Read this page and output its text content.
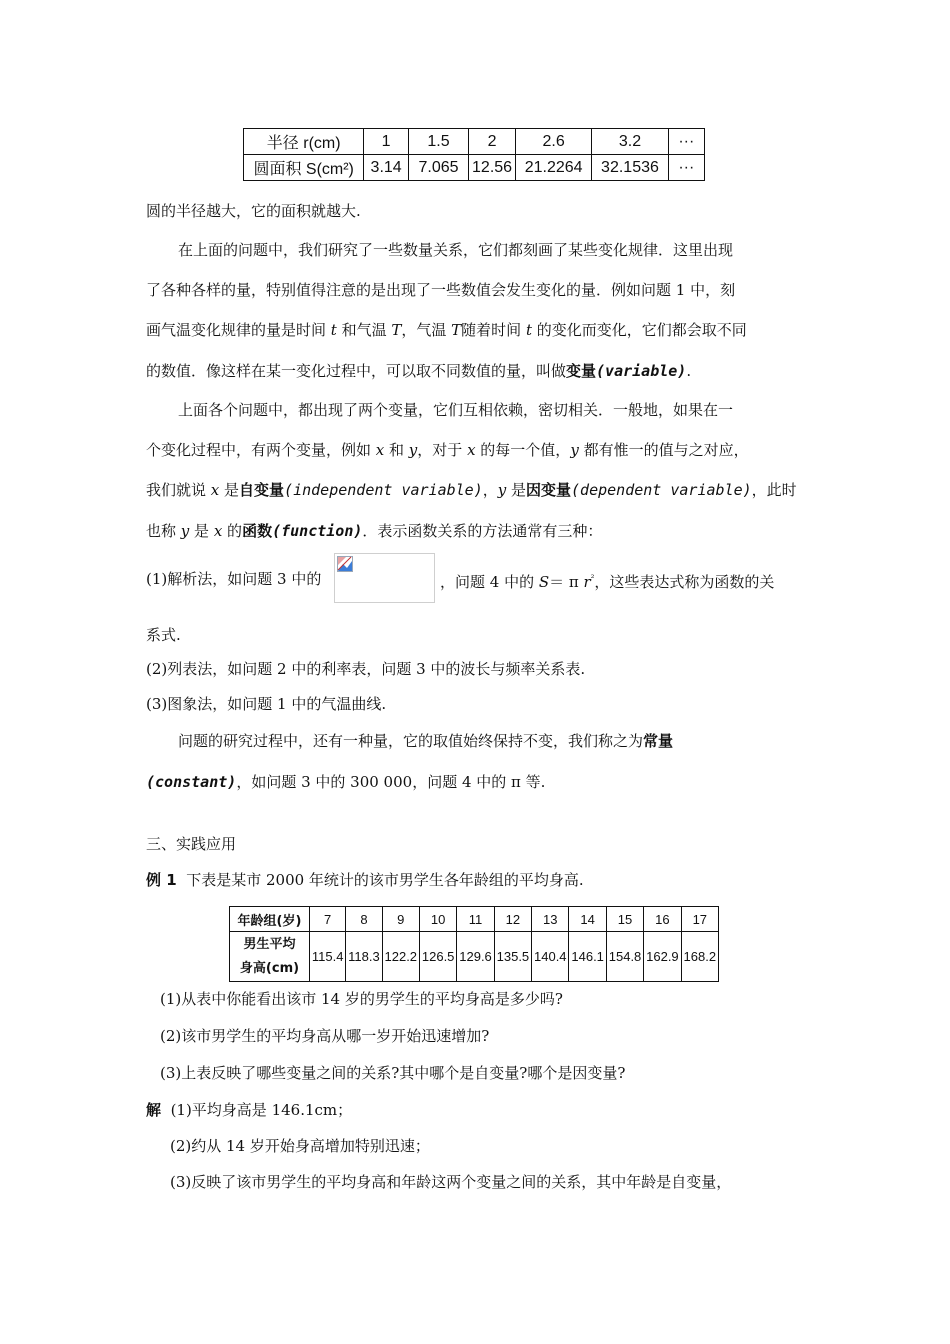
半径 r(cm)	1	1.5	2	2.6	3.2	···
圆面积 S(cm²)	3.14	7.065	12.56	21.2264	32.1536	···
圆的半径越大，它的面积就越大.
在上面的问题中，我们研究了一些数量关系，它们都刻画了某些变化规律．这里出现
了各种各样的量，特别值得注意的是出现了一些数值会发生变化的量．例如问题 1 中，刻
画气温变化规律的量是时间 t 和气温 T，气温 T随着时间 t 的变化而变化，它们都会取不同
的数值．像这样在某一变化过程中，可以取不同数值的量，叫做变量(variable).
上面各个问题中，都出现了两个变量，它们互相依赖，密切相关．一般地，如果在一
个变化过程中，有两个变量，例如 x 和 y，对于 x 的每一个值，y 都有惟一的值与之对应，
我们就说 x 是自变量(independent variable)，y 是因变量(dependent variable)，此时
也称 y 是 x 的函数(function)．表示函数关系的方法通常有三种：
(1)解析法，如问题 3 中的	，问题 4 中的 S＝ π $r^{^2}$，这些表达式称为函数的关
系式.
(2)列表法，如问题 2 中的利率表，问题 3 中的波长与频率关系表.
(3)图象法，如问题 1 中的气温曲线.
问题的研究过程中，还有一种量，它的取值始终保持不变，我们称之为常量
(constant)，如问题 3 中的 300 000，问题 4 中的 π 等.
三、实践应用
例 1 下表是某市 2000 年统计的该市男学生各年龄组的平均身高.
年龄组(岁)	7	8	9	10	11	12	13	14	15	16	17

男生平均
身高(cm)	115.4	118.3	122.2	126.5	129.6	135.5	140.4	146.1	154.8	162.9	168.2
(1)从表中你能看出该市 14 岁的男学生的平均身高是多少吗?
(2)该市男学生的平均身高从哪一岁开始迅速增加?
(3)上表反映了哪些变量之间的关系?其中哪个是自变量?哪个是因变量?
解 (1)平均身高是 146.1cm；
(2)约从 14 岁开始身高增加特别迅速；
(3)反映了该市男学生的平均身高和年龄这两个变量之间的关系，其中年龄是自变量，
